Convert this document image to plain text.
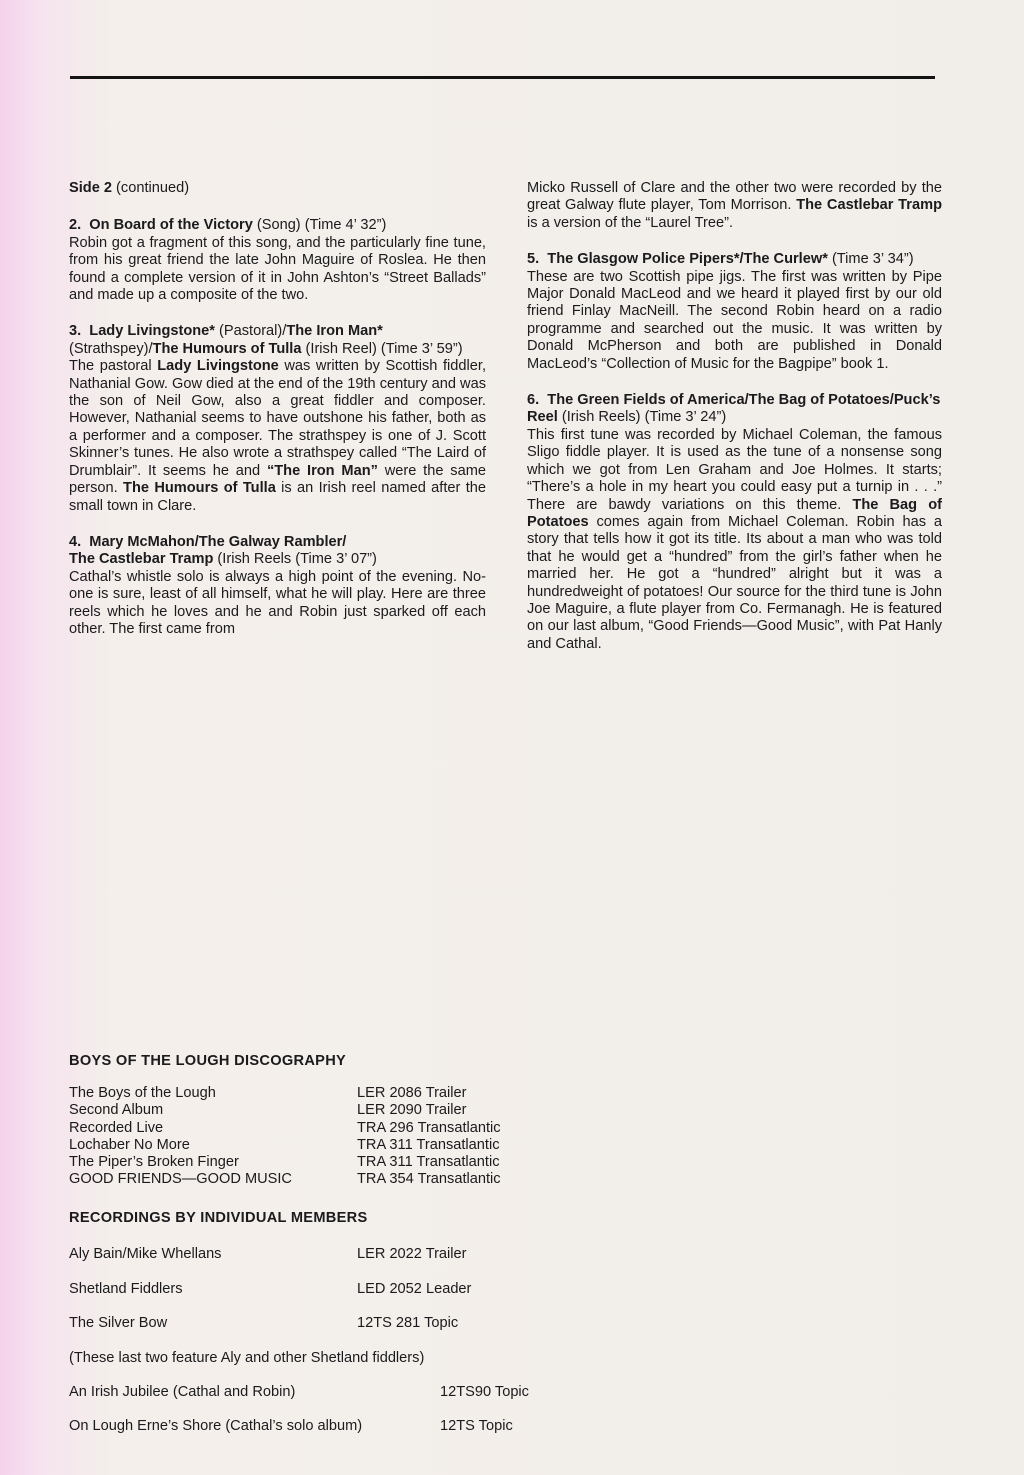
Side 2 (continued)
2. On Board of the Victory (Song) (Time 4’ 32”)

Robin got a fragment of this song, and the particularly fine tune, from his great friend the late John Maguire of Roslea. He then found a complete version of it in John Ashton’s “Street Ballads” and made up a composite of the two.

3. Lady Livingstone* (Pastoral)/The Iron Man* (Strathspey)/The Humours of Tulla (Irish Reel) (Time 3’ 59”)

The pastoral Lady Livingstone was written by Scottish fiddler, Nathanial Gow. Gow died at the end of the 19th century and was the son of Neil Gow, also a great fiddler and composer. However, Nathanial seems to have outshone his father, both as a performer and a composer. The strathspey is one of J. Scott Skinner’s tunes. He also wrote a strathspey called “The Laird of Drumblair”. It seems he and “The Iron Man” were the same person. The Humours of Tulla is an Irish reel named after the small town in Clare.

4. Mary McMahon/The Galway Rambler/
The Castlebar Tramp (Irish Reels (Time 3’ 07”)

Cathal’s whistle solo is always a high point of the evening. No-one is sure, least of all himself, what he will play. Here are three reels which he loves and he and Robin just sparked off each other. The first came from

Micko Russell of Clare and the other two were recorded by the great Galway flute player, Tom Morrison. The Castlebar Tramp is a version of the “Laurel Tree”.

5. The Glasgow Police Pipers*/The Curlew* (Time 3’ 34”)

These are two Scottish pipe jigs. The first was written by Pipe Major Donald MacLeod and we heard it played first by our old friend Finlay MacNeill. The second Robin heard on a radio programme and searched out the music. It was written by Donald McPherson and both are published in Donald MacLeod’s “Collection of Music for the Bagpipe” book 1.

6. The Green Fields of America/The Bag of Potatoes/Puck’s Reel (Irish Reels) (Time 3’ 24”)

This first tune was recorded by Michael Coleman, the famous Sligo fiddle player. It is used as the tune of a nonsense song which we got from Len Graham and Joe Holmes. It starts; “There’s a hole in my heart you could easy put a turnip in . . .” There are bawdy variations on this theme. The Bag of Potatoes comes again from Michael Coleman. Robin has a story that tells how it got its title. Its about a man who was told that he would get a “hundred” from the girl’s father when he married her. He got a “hundred” alright but it was a hundredweight of potatoes! Our source for the third tune is John Joe Maguire, a flute player from Co. Fermanagh. He is featured on our last album, “Good Friends—Good Music”, with Pat Hanly and Cathal.

BOYS OF THE LOUGH DISCOGRAPHY
The Boys of the Lough	LER 2086 Trailer
Second Album	LER 2090 Trailer
Recorded Live	TRA 296 Transatlantic
Lochaber No More	TRA 311 Transatlantic
The Piper’s Broken Finger	TRA 311 Transatlantic
GOOD FRIENDS—GOOD MUSIC	TRA 354 Transatlantic
RECORDINGS BY INDIVIDUAL MEMBERS
Aly Bain/Mike Whellans	LER 2022 Trailer
Shetland Fiddlers	LED 2052 Leader
The Silver Bow	12TS 281 Topic
(These last two feature Aly and other Shetland fiddlers)
An Irish Jubilee (Cathal and Robin)	12TS90 Topic
On Lough Erne’s Shore (Cathal’s solo album)	12TS Topic
